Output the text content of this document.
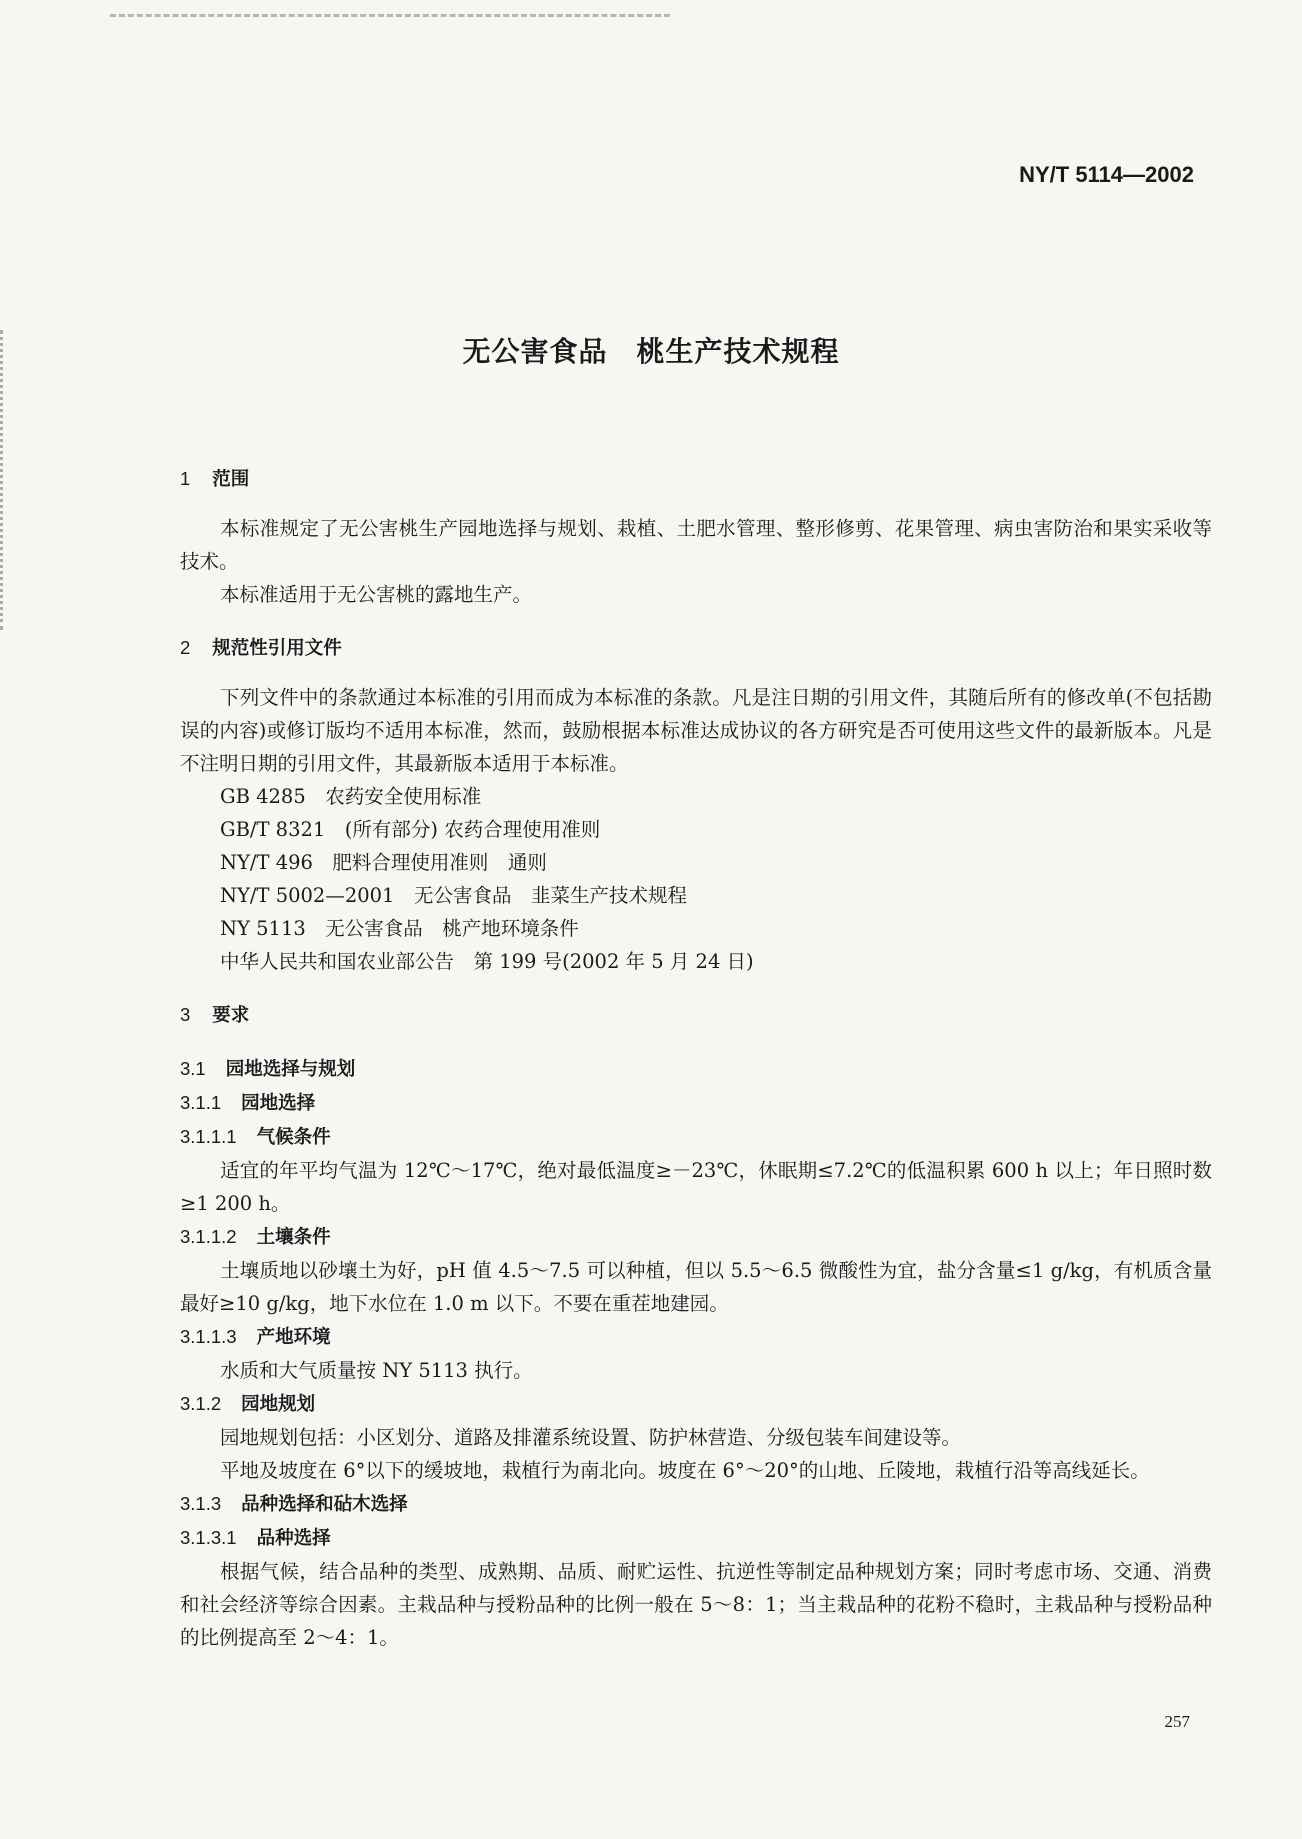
NY/T 5114—2002
无公害食品　桃生产技术规程
1 范围
本标准规定了无公害桃生产园地选择与规划、栽植、土肥水管理、整形修剪、花果管理、病虫害防治和果实采收等技术。
本标准适用于无公害桃的露地生产。
2 规范性引用文件
下列文件中的条款通过本标准的引用而成为本标准的条款。凡是注日期的引用文件，其随后所有的修改单(不包括勘误的内容)或修订版均不适用本标准，然而，鼓励根据本标准达成协议的各方研究是否可使用这些文件的最新版本。凡是不注明日期的引用文件，其最新版本适用于本标准。
GB 4285　农药安全使用标准
GB/T 8321　(所有部分) 农药合理使用准则
NY/T 496　肥料合理使用准则　通则
NY/T 5002—2001　无公害食品　韭菜生产技术规程
NY 5113　无公害食品　桃产地环境条件
中华人民共和国农业部公告　第 199 号(2002 年 5 月 24 日)
3 要求
3.1 园地选择与规划
3.1.1 园地选择
3.1.1.1 气候条件
适宜的年平均气温为 12℃～17℃，绝对最低温度≥－23℃，休眠期≤7.2℃的低温积累 600 h 以上；年日照时数≥1 200 h。
3.1.1.2 土壤条件
土壤质地以砂壤土为好，pH 值 4.5～7.5 可以种植，但以 5.5～6.5 微酸性为宜，盐分含量≤1 g/kg，有机质含量最好≥10 g/kg，地下水位在 1.0 m 以下。不要在重茬地建园。
3.1.1.3 产地环境
水质和大气质量按 NY 5113 执行。
3.1.2 园地规划
园地规划包括：小区划分、道路及排灌系统设置、防护林营造、分级包装车间建设等。
平地及坡度在 6°以下的缓坡地，栽植行为南北向。坡度在 6°～20°的山地、丘陵地，栽植行沿等高线延长。
3.1.3 品种选择和砧木选择
3.1.3.1 品种选择
根据气候，结合品种的类型、成熟期、品质、耐贮运性、抗逆性等制定品种规划方案；同时考虑市场、交通、消费和社会经济等综合因素。主栽品种与授粉品种的比例一般在 5～8：1；当主栽品种的花粉不稳时，主栽品种与授粉品种的比例提高至 2～4：1。
257
